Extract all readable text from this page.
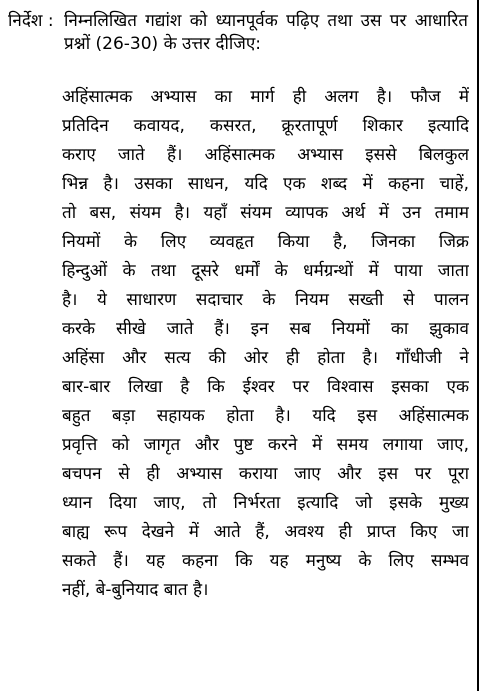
निर्देश : निम्नलिखित गद्यांश को ध्यानपूर्वक पढ़िए तथा उस पर आधारित प्रश्नों (26-30) के उत्तर दीजिए:
अहिंसात्मक अभ्यास का मार्ग ही अलग है। फौज में
प्रतिदिन कवायद, कसरत, क्रूरतापूर्ण शिकार इत्यादि
कराए जाते हैं। अहिंसात्मक अभ्यास इससे बिलकुल
भिन्न है। उसका साधन, यदि एक शब्द में कहना चाहें,
तो बस, संयम है। यहाँ संयम व्यापक अर्थ में उन तमाम
नियमों के लिए व्यवहृत किया है, जिनका जिक्र
हिन्दुओं के तथा दूसरे धर्मों के धर्मग्रन्थों में पाया जाता
है। ये साधारण सदाचार के नियम सख्ती से पालन
करके सीखे जाते हैं। इन सब नियमों का झुकाव
अहिंसा और सत्य की ओर ही होता है। गाँधीजी ने
बार-बार लिखा है कि ईश्वर पर विश्वास इसका एक
बहुत बड़ा सहायक होता है। यदि इस अहिंसात्मक
प्रवृत्ति को जागृत और पुष्ट करने में समय लगाया जाए,
बचपन से ही अभ्यास कराया जाए और इस पर पूरा
ध्यान दिया जाए, तो निर्भरता इत्यादि जो इसके मुख्य
बाह्य रूप देखने में आते हैं, अवश्य ही प्राप्त किए जा
सकते हैं। यह कहना कि यह मनुष्य के लिए सम्भव
नहीं, बे-बुनियाद बात है।
